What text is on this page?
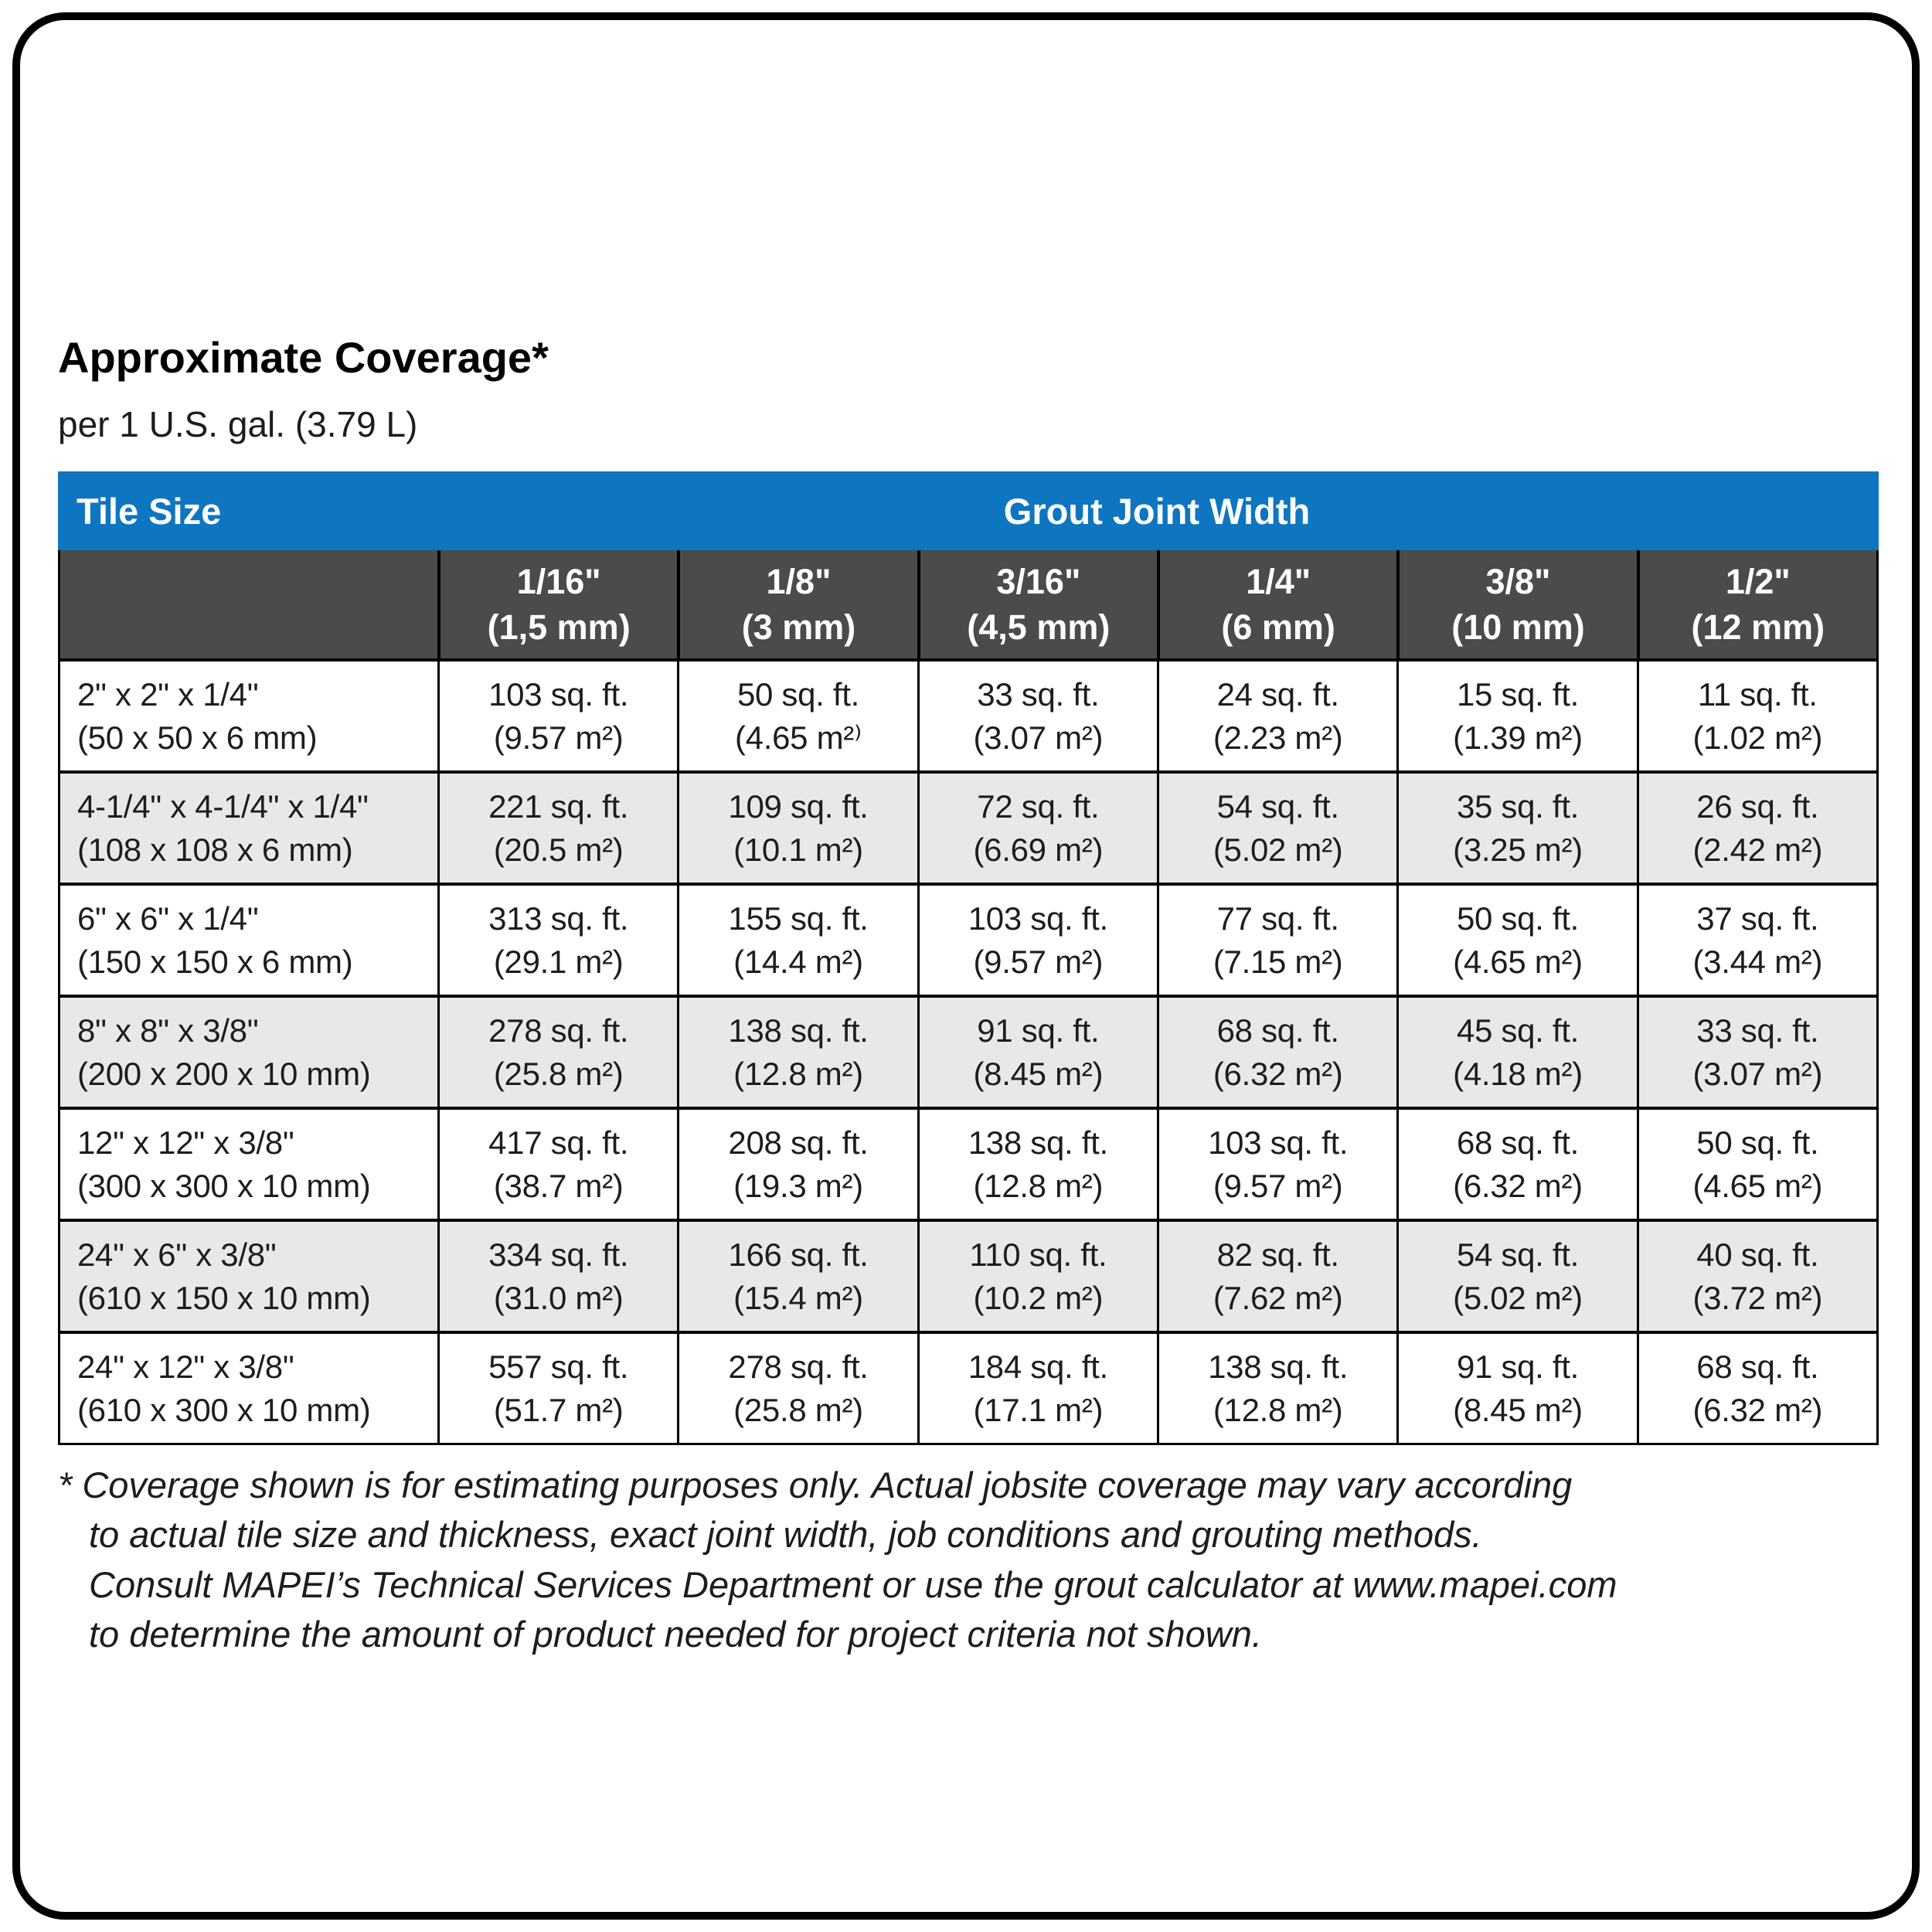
Approximate Coverage*
per 1 U.S. gal. (3.79 L)
Tile Size	Grout Joint Width
1/16"
(1,5 mm)
1/8"
(3 mm)
3/16"
(4,5 mm)
1/4"
(6 mm)
3/8"
(10 mm)
1/2"
(12 mm)
2" x 2" x 1/4"
(50 x 50 x 6 mm)
103 sq. ft.
(9.57 m²)
50 sq. ft.
(4.65 m²⁾
33 sq. ft.
(3.07 m²)
24 sq. ft.
(2.23 m²)
15 sq. ft.
(1.39 m²)
11 sq. ft.
(1.02 m²)
4-1/4" x 4-1/4" x 1/4"
(108 x 108 x 6 mm)
221 sq. ft.
(20.5 m²)
109 sq. ft.
(10.1 m²)
72 sq. ft.
(6.69 m²)
54 sq. ft.
(5.02 m²)
35 sq. ft.
(3.25 m²)
26 sq. ft.
(2.42 m²)
6" x 6" x 1/4"
(150 x 150 x 6 mm)
313 sq. ft.
(29.1 m²)
155 sq. ft.
(14.4 m²)
103 sq. ft.
(9.57 m²)
77 sq. ft.
(7.15 m²)
50 sq. ft.
(4.65 m²)
37 sq. ft.
(3.44 m²)
8" x 8" x 3/8"
(200 x 200 x 10 mm)
278 sq. ft.
(25.8 m²)
138 sq. ft.
(12.8 m²)
91 sq. ft.
(8.45 m²)
68 sq. ft.
(6.32 m²)
45 sq. ft.
(4.18 m²)
33 sq. ft.
(3.07 m²)
12" x 12" x 3/8"
(300 x 300 x 10 mm)
417 sq. ft.
(38.7 m²)
208 sq. ft.
(19.3 m²)
138 sq. ft.
(12.8 m²)
103 sq. ft.
(9.57 m²)
68 sq. ft.
(6.32 m²)
50 sq. ft.
(4.65 m²)
24" x 6" x 3/8"
(610 x 150 x 10 mm)
334 sq. ft.
(31.0 m²)
166 sq. ft.
(15.4 m²)
110 sq. ft.
(10.2 m²)
82 sq. ft.
(7.62 m²)
54 sq. ft.
(5.02 m²)
40 sq. ft.
(3.72 m²)
24" x 12" x 3/8"
(610 x 300 x 10 mm)
557 sq. ft.
(51.7 m²)
278 sq. ft.
(25.8 m²)
184 sq. ft.
(17.1 m²)
138 sq. ft.
(12.8 m²)
91 sq. ft.
(8.45 m²)
68 sq. ft.
(6.32 m²)
* Coverage shown is for estimating purposes only. Actual jobsite coverage may vary according
to actual tile size and thickness, exact joint width, job conditions and grouting methods.
Consult MAPEI’s Technical Services Department or use the grout calculator at www.mapei.com
to determine the amount of product needed for project criteria not shown.
